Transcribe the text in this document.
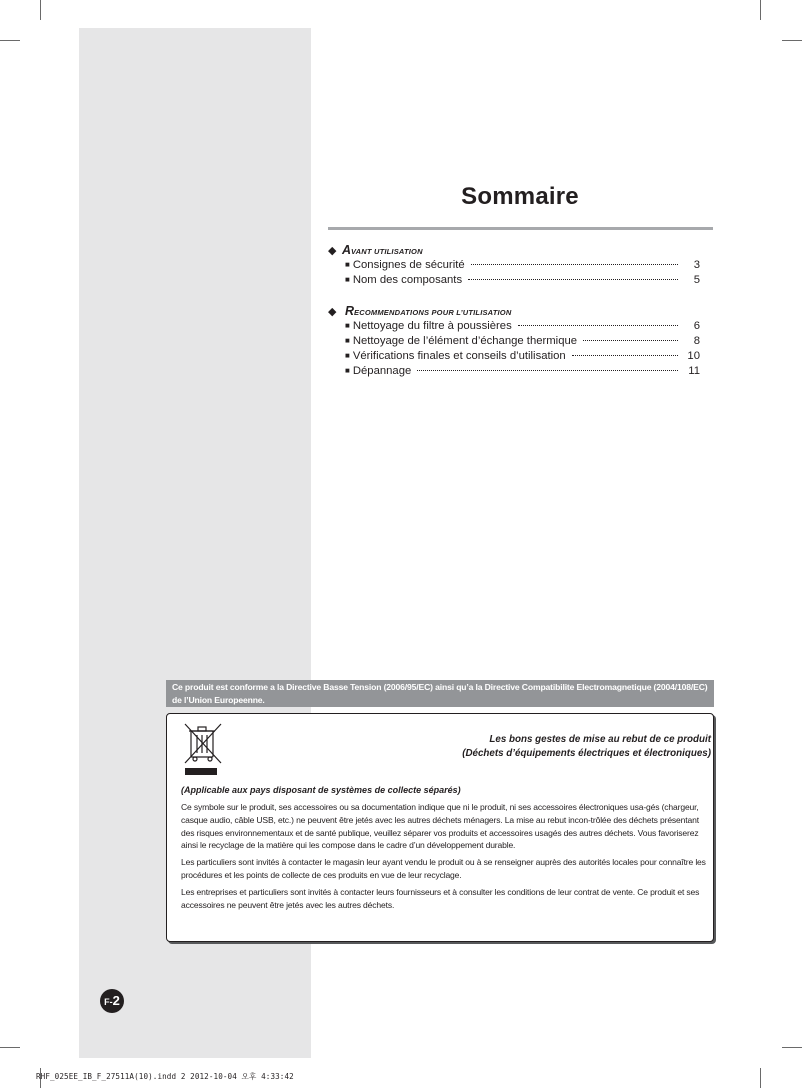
Sommaire
◆ AVANT UTILISATION
■ Consignes de sécurité	3
■ Nom des composants	5
◆ RECOMMENDATIONS POUR L’UTILISATION
■ Nettoyage du filtre à poussières	6
■ Nettoyage de l’élément d’échange thermique	8
■ Vérifications finales et conseils d’utilisation	10
■ Dépannage	11
Ce produit est conforme a la Directive Basse Tension (2006/95/EC) ainsi qu’a la Directive Compatibilite Electromagnetique (2004/108/EC) de l’Union Europeenne.
Les bons gestes de mise au rebut de ce produit
(Déchets d’équipements électriques et électroniques)
(Applicable aux pays disposant de systèmes de collecte séparés)

Ce symbole sur le produit, ses accessoires ou sa documentation indique que ni le produit, ni ses accessoires électroniques usa-gés (chargeur, casque audio, câble USB, etc.) ne peuvent être jetés avec les autres déchets ménagers. La mise au rebut incon-trôlée des déchets présentant des risques environnementaux et de santé publique, veuillez séparer vos produits et accessoires usagés des autres déchets. Vous favoriserez ainsi le recyclage de la matière qui les compose dans le cadre d’un développement durable.

Les particuliers sont invités à contacter le magasin leur ayant vendu le produit ou à se renseigner auprès des autorités locales pour connaître les procédures et les points de collecte de ces produits en vue de leur recyclage.

Les entreprises et particuliers sont invités à contacter leurs fournisseurs et à consulter les conditions de leur contrat de vente. Ce produit et ses accessoires ne peuvent être jetés avec les autres déchets.

F-2
RHF_025EE_IB_F_27511A(10).indd 2 2012-10-04 오후 4:33:42
